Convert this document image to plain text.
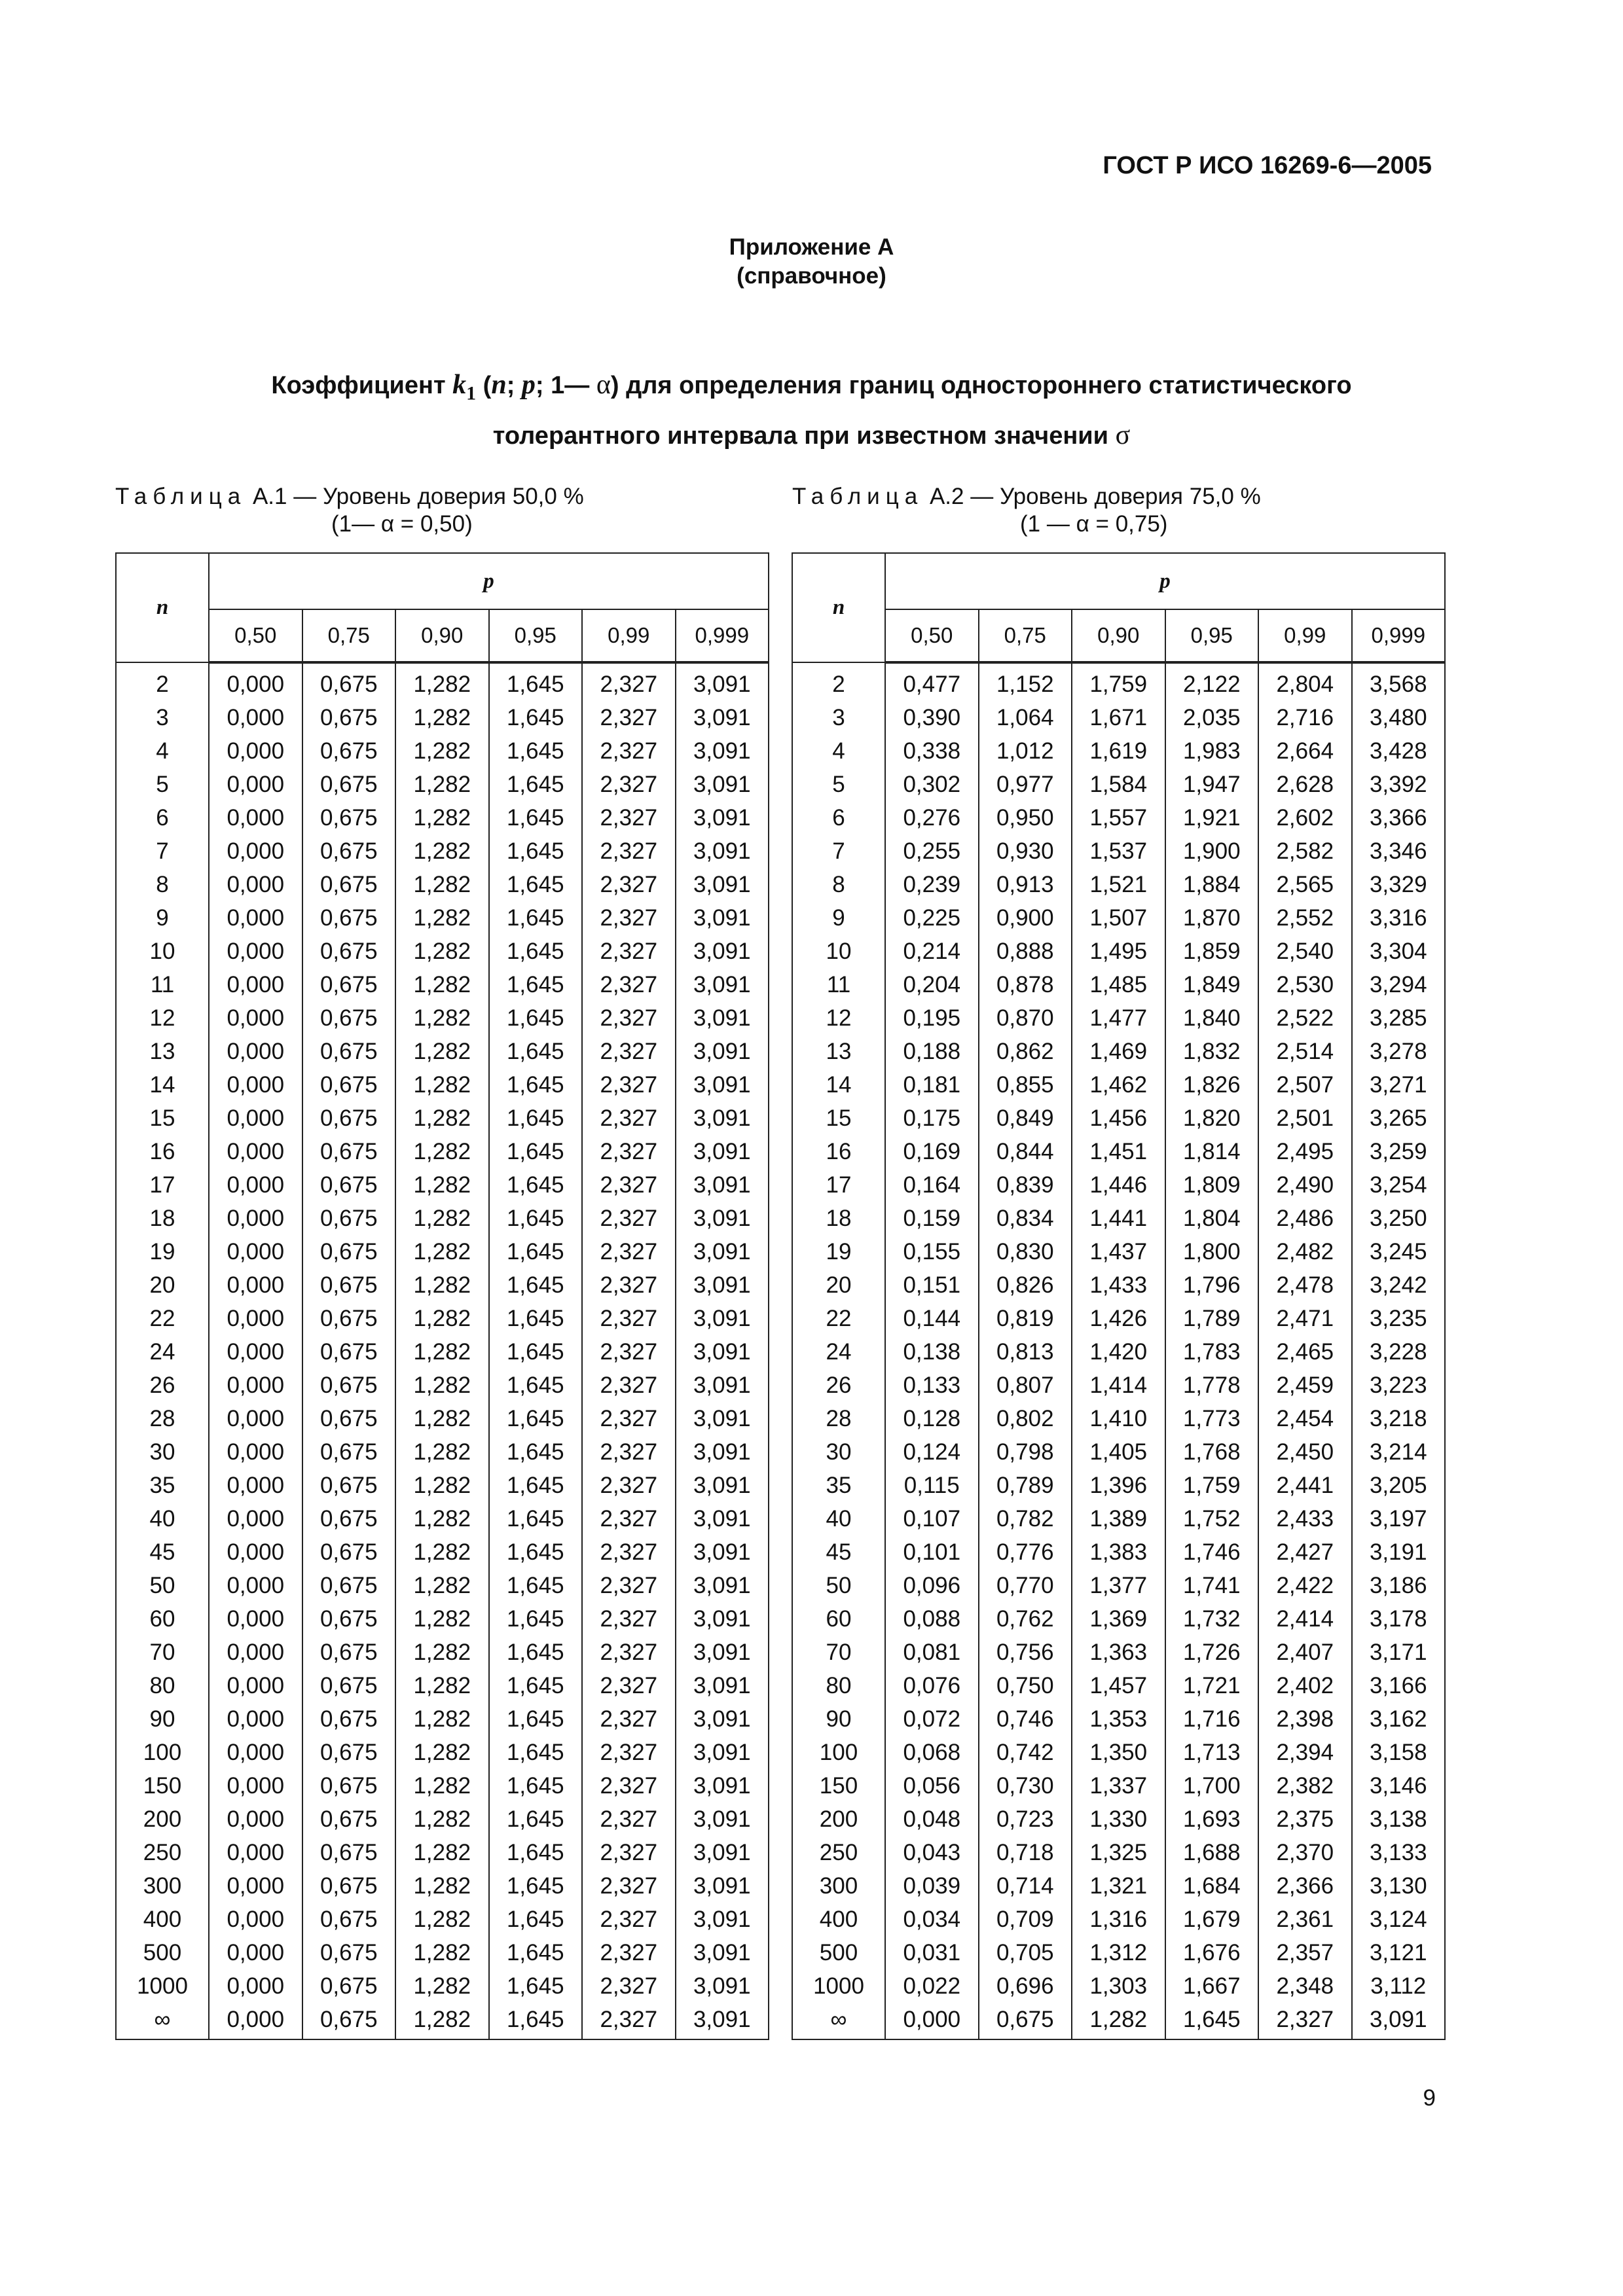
ГОСТ Р ИСО 16269-6—2005
Приложение А
(справочное)
Коэффициент $k_1$ (n; p; 1— α) для определения границ одностороннего статистического
толерантного интервала при известном значении σ
Таблица А.1 — Уровень доверия 50,0 %
(1— α = 0,50)
Таблица А.2 — Уровень доверия 75,0 %
(1 — α = 0,75)
n	p					
	0,50	0,75	0,90	0,95	0,99	0,999
2	0,000	0,675	1,282	1,645	2,327	3,091
3	0,000	0,675	1,282	1,645	2,327	3,091
4	0,000	0,675	1,282	1,645	2,327	3,091
5	0,000	0,675	1,282	1,645	2,327	3,091
6	0,000	0,675	1,282	1,645	2,327	3,091
7	0,000	0,675	1,282	1,645	2,327	3,091
8	0,000	0,675	1,282	1,645	2,327	3,091
9	0,000	0,675	1,282	1,645	2,327	3,091
10	0,000	0,675	1,282	1,645	2,327	3,091
11	0,000	0,675	1,282	1,645	2,327	3,091
12	0,000	0,675	1,282	1,645	2,327	3,091
13	0,000	0,675	1,282	1,645	2,327	3,091
14	0,000	0,675	1,282	1,645	2,327	3,091
15	0,000	0,675	1,282	1,645	2,327	3,091
16	0,000	0,675	1,282	1,645	2,327	3,091
17	0,000	0,675	1,282	1,645	2,327	3,091
18	0,000	0,675	1,282	1,645	2,327	3,091
19	0,000	0,675	1,282	1,645	2,327	3,091
20	0,000	0,675	1,282	1,645	2,327	3,091
22	0,000	0,675	1,282	1,645	2,327	3,091
24	0,000	0,675	1,282	1,645	2,327	3,091
26	0,000	0,675	1,282	1,645	2,327	3,091
28	0,000	0,675	1,282	1,645	2,327	3,091
30	0,000	0,675	1,282	1,645	2,327	3,091
35	0,000	0,675	1,282	1,645	2,327	3,091
40	0,000	0,675	1,282	1,645	2,327	3,091
45	0,000	0,675	1,282	1,645	2,327	3,091
50	0,000	0,675	1,282	1,645	2,327	3,091
60	0,000	0,675	1,282	1,645	2,327	3,091
70	0,000	0,675	1,282	1,645	2,327	3,091
80	0,000	0,675	1,282	1,645	2,327	3,091
90	0,000	0,675	1,282	1,645	2,327	3,091
100	0,000	0,675	1,282	1,645	2,327	3,091
150	0,000	0,675	1,282	1,645	2,327	3,091
200	0,000	0,675	1,282	1,645	2,327	3,091
250	0,000	0,675	1,282	1,645	2,327	3,091
300	0,000	0,675	1,282	1,645	2,327	3,091
400	0,000	0,675	1,282	1,645	2,327	3,091
500	0,000	0,675	1,282	1,645	2,327	3,091
1000	0,000	0,675	1,282	1,645	2,327	3,091
∞	0,000	0,675	1,282	1,645	2,327	3,091
n	p					
	0,50	0,75	0,90	0,95	0,99	0,999
2	0,477	1,152	1,759	2,122	2,804	3,568
3	0,390	1,064	1,671	2,035	2,716	3,480
4	0,338	1,012	1,619	1,983	2,664	3,428
5	0,302	0,977	1,584	1,947	2,628	3,392
6	0,276	0,950	1,557	1,921	2,602	3,366
7	0,255	0,930	1,537	1,900	2,582	3,346
8	0,239	0,913	1,521	1,884	2,565	3,329
9	0,225	0,900	1,507	1,870	2,552	3,316
10	0,214	0,888	1,495	1,859	2,540	3,304
11	0,204	0,878	1,485	1,849	2,530	3,294
12	0,195	0,870	1,477	1,840	2,522	3,285
13	0,188	0,862	1,469	1,832	2,514	3,278
14	0,181	0,855	1,462	1,826	2,507	3,271
15	0,175	0,849	1,456	1,820	2,501	3,265
16	0,169	0,844	1,451	1,814	2,495	3,259
17	0,164	0,839	1,446	1,809	2,490	3,254
18	0,159	0,834	1,441	1,804	2,486	3,250
19	0,155	0,830	1,437	1,800	2,482	3,245
20	0,151	0,826	1,433	1,796	2,478	3,242
22	0,144	0,819	1,426	1,789	2,471	3,235
24	0,138	0,813	1,420	1,783	2,465	3,228
26	0,133	0,807	1,414	1,778	2,459	3,223
28	0,128	0,802	1,410	1,773	2,454	3,218
30	0,124	0,798	1,405	1,768	2,450	3,214
35	0,115	0,789	1,396	1,759	2,441	3,205
40	0,107	0,782	1,389	1,752	2,433	3,197
45	0,101	0,776	1,383	1,746	2,427	3,191
50	0,096	0,770	1,377	1,741	2,422	3,186
60	0,088	0,762	1,369	1,732	2,414	3,178
70	0,081	0,756	1,363	1,726	2,407	3,171
80	0,076	0,750	1,457	1,721	2,402	3,166
90	0,072	0,746	1,353	1,716	2,398	3,162
100	0,068	0,742	1,350	1,713	2,394	3,158
150	0,056	0,730	1,337	1,700	2,382	3,146
200	0,048	0,723	1,330	1,693	2,375	3,138
250	0,043	0,718	1,325	1,688	2,370	3,133
300	0,039	0,714	1,321	1,684	2,366	3,130
400	0,034	0,709	1,316	1,679	2,361	3,124
500	0,031	0,705	1,312	1,676	2,357	3,121
1000	0,022	0,696	1,303	1,667	2,348	3,112
∞	0,000	0,675	1,282	1,645	2,327	3,091
9
